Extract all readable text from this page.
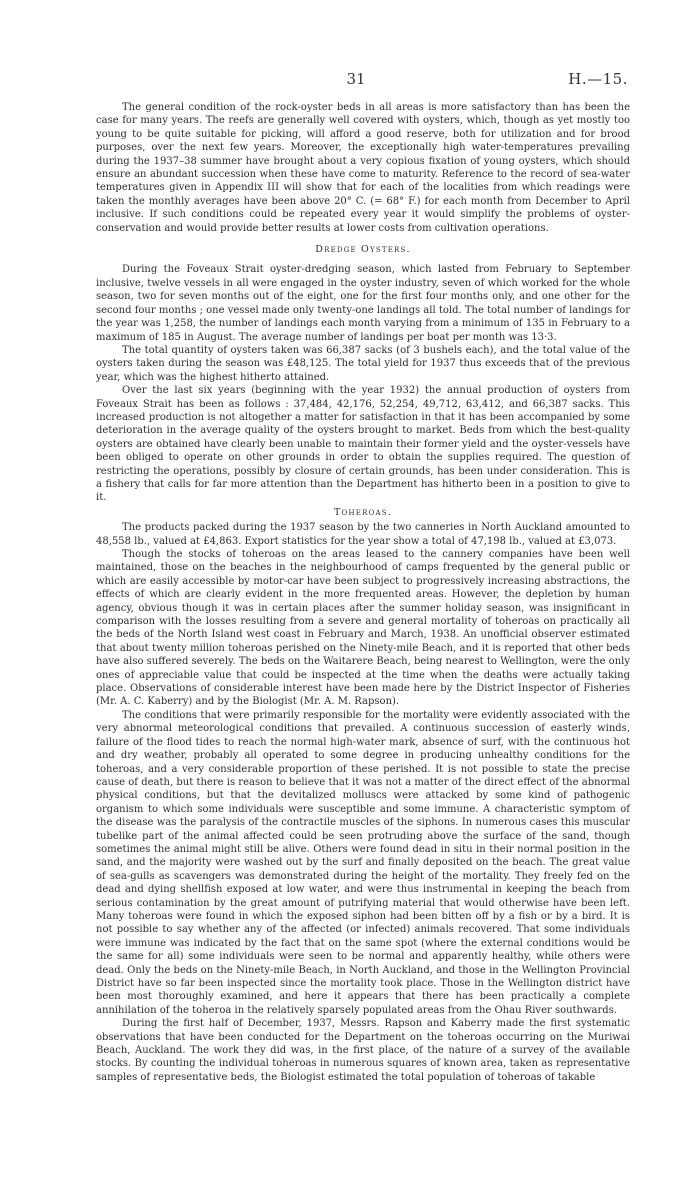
31	H.—15.

The general condition of the rock-oyster beds in all areas is more satisfactory than has been the case for many years. The reefs are generally well covered with oysters, which, though as yet mostly too young to be quite suitable for picking, will afford a good reserve, both for utilization and for brood purposes, over the next few years. Moreover, the exceptionally high water-temperatures prevailing during the 1937–38 summer have brought about a very copious fixation of young oysters, which should ensure an abundant succession when these have come to maturity. Reference to the record of sea-water temperatures given in Appendix III will show that for each of the localities from which readings were taken the monthly averages have been above 20° C. (= 68° F.) for each month from December to April inclusive. If such conditions could be repeated every year it would simplify the problems of oyster-conservation and would provide better results at lower costs from cultivation operations.

Dredge Oysters.

During the Foveaux Strait oyster-dredging season, which lasted from February to September inclusive, twelve vessels in all were engaged in the oyster industry, seven of which worked for the whole season, two for seven months out of the eight, one for the first four months only, and one other for the second four months ; one vessel made only twenty-one landings all told. The total number of landings for the year was 1,258, the number of landings each month varying from a minimum of 135 in February to a maximum of 185 in August. The average number of landings per boat per month was 13·3.

The total quantity of oysters taken was 66,387 sacks (of 3 bushels each), and the total value of the oysters taken during the season was £48,125. The total yield for 1937 thus exceeds that of the previous year, which was the highest hitherto attained.

Over the last six years (beginning with the year 1932) the annual production of oysters from Foveaux Strait has been as follows : 37,484, 42,176, 52,254, 49,712, 63,412, and 66,387 sacks. This increased production is not altogether a matter for satisfaction in that it has been accompanied by some deterioration in the average quality of the oysters brought to market. Beds from which the best-quality oysters are obtained have clearly been unable to maintain their former yield and the oyster-vessels have been obliged to operate on other grounds in order to obtain the supplies required. The question of restricting the operations, possibly by closure of certain grounds, has been under consideration. This is a fishery that calls for far more attention than the Department has hitherto been in a position to give to it.

Toheroas.

The products packed during the 1937 season by the two canneries in North Auckland amounted to 48,558 lb., valued at £4,863. Export statistics for the year show a total of 47,198 lb., valued at £3,073.

Though the stocks of toheroas on the areas leased to the cannery companies have been well maintained, those on the beaches in the neighbourhood of camps frequented by the general public or which are easily accessible by motor-car have been subject to progressively increasing abstractions, the effects of which are clearly evident in the more frequented areas. However, the depletion by human agency, obvious though it was in certain places after the summer holiday season, was insignificant in comparison with the losses resulting from a severe and general mortality of toheroas on practically all the beds of the North Island west coast in February and March, 1938. An unofficial observer estimated that about twenty million toheroas perished on the Ninety-mile Beach, and it is reported that other beds have also suffered severely. The beds on the Waitarere Beach, being nearest to Wellington, were the only ones of appreciable value that could be inspected at the time when the deaths were actually taking place. Observations of considerable interest have been made here by the District Inspector of Fisheries (Mr. A. C. Kaberry) and by the Biologist (Mr. A. M. Rapson).

The conditions that were primarily responsible for the mortality were evidently associated with the very abnormal meteorological conditions that prevailed. A continuous succession of easterly winds, failure of the flood tides to reach the normal high-water mark, absence of surf, with the continuous hot and dry weather, probably all operated to some degree in producing unhealthy conditions for the toheroas, and a very considerable proportion of these perished. It is not possible to state the precise cause of death, but there is reason to believe that it was not a matter of the direct effect of the abnormal physical conditions, but that the devitalized molluscs were attacked by some kind of pathogenic organism to which some individuals were susceptible and some immune. A characteristic symptom of the disease was the paralysis of the contractile muscles of the siphons. In numerous cases this muscular tubelike part of the animal affected could be seen protruding above the surface of the sand, though sometimes the animal might still be alive. Others were found dead in situ in their normal position in the sand, and the majority were washed out by the surf and finally deposited on the beach. The great value of sea-gulls as scavengers was demonstrated during the height of the mortality. They freely fed on the dead and dying shellfish exposed at low water, and were thus instrumental in keeping the beach from serious contamination by the great amount of putrifying material that would otherwise have been left. Many toheroas were found in which the exposed siphon had been bitten off by a fish or by a bird. It is not possible to say whether any of the affected (or infected) animals recovered. That some individuals were immune was indicated by the fact that on the same spot (where the external conditions would be the same for all) some individuals were seen to be normal and apparently healthy, while others were dead. Only the beds on the Ninety-mile Beach, in North Auckland, and those in the Wellington Provincial District have so far been inspected since the mortality took place. Those in the Wellington district have been most thoroughly examined, and here it appears that there has been practically a complete annihilation of the toheroa in the relatively sparsely populated areas from the Ohau River southwards.

During the first half of December, 1937, Messrs. Rapson and Kaberry made the first systematic observations that have been conducted for the Department on the toheroas occurring on the Muriwai Beach, Auckland. The work they did was, in the first place, of the nature of a survey of the available stocks. By counting the individual toheroas in numerous squares of known area, taken as representative samples of representative beds, the Biologist estimated the total population of toheroas of takable
